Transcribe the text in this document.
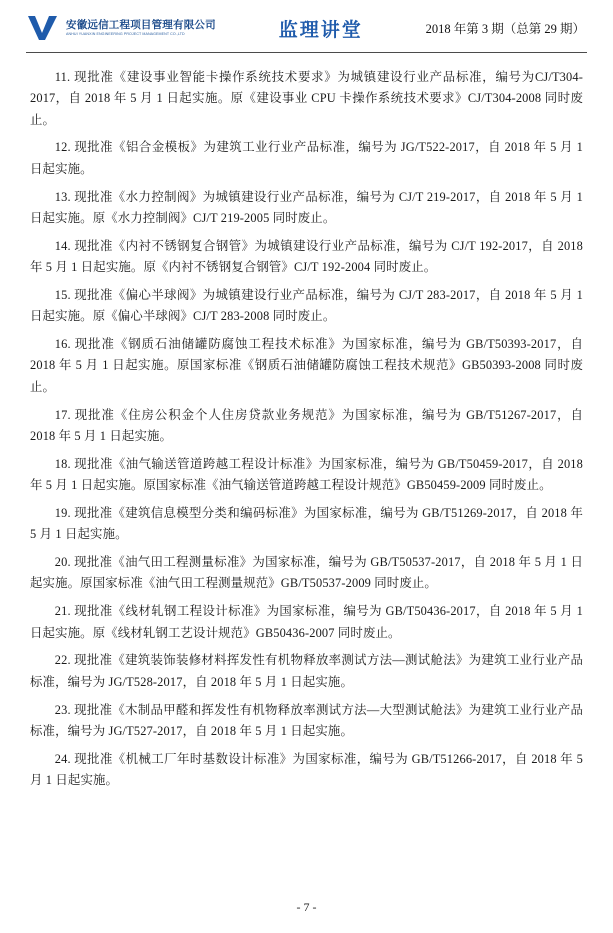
安徽远信工程项目管理有限公司
ANHUI YUANXIN ENGINEERING PROJECT MANAGEMENT CO.,LTD	监理讲堂	2018 年第 3 期（总第 29 期）

11. 现批准《建设事业智能卡操作系统技术要求》为城镇建设行业产品标准，编号为CJ/T304-2017，自 2018 年 5 月 1 日起实施。原《建设事业 CPU 卡操作系统技术要求》CJ/T304-2008 同时废止。

12. 现批准《铝合金模板》为建筑工业行业产品标准，编号为 JG/T522-2017，自 2018 年 5 月 1 日起实施。

13. 现批准《水力控制阀》为城镇建设行业产品标准，编号为 CJ/T 219-2017，自 2018 年 5 月 1 日起实施。原《水力控制阀》CJ/T 219-2005 同时废止。

14. 现批准《内衬不锈钢复合钢管》为城镇建设行业产品标准，编号为 CJ/T 192-2017，自 2018 年 5 月 1 日起实施。原《内衬不锈钢复合钢管》CJ/T 192-2004 同时废止。

15. 现批准《偏心半球阀》为城镇建设行业产品标准，编号为 CJ/T 283-2017，自 2018 年 5 月 1 日起实施。原《偏心半球阀》CJ/T 283-2008 同时废止。

16. 现批准《钢质石油储罐防腐蚀工程技术标准》为国家标准，编号为 GB/T50393-2017，自 2018 年 5 月 1 日起实施。原国家标准《钢质石油储罐防腐蚀工程技术规范》GB50393-2008 同时废止。

17. 现批准《住房公积金个人住房贷款业务规范》为国家标准，编号为 GB/T51267-2017，自 2018 年 5 月 1 日起实施。

18. 现批准《油气输送管道跨越工程设计标准》为国家标准，编号为 GB/T50459-2017，自 2018 年 5 月 1 日起实施。原国家标准《油气输送管道跨越工程设计规范》GB50459-2009 同时废止。

19. 现批准《建筑信息模型分类和编码标准》为国家标准，编号为 GB/T51269-2017，自 2018 年 5 月 1 日起实施。

20. 现批准《油气田工程测量标准》为国家标准，编号为 GB/T50537-2017，自 2018 年 5 月 1 日起实施。原国家标准《油气田工程测量规范》GB/T50537-2009 同时废止。

21. 现批准《线材轧钢工程设计标准》为国家标准，编号为 GB/T50436-2017，自 2018 年 5 月 1 日起实施。原《线材轧钢工艺设计规范》GB50436-2007 同时废止。

22. 现批准《建筑装饰装修材料挥发性有机物释放率测试方法—测试舱法》为建筑工业行业产品标准，编号为 JG/T528-2017，自 2018 年 5 月 1 日起实施。

23. 现批准《木制品甲醛和挥发性有机物释放率测试方法—大型测试舱法》为建筑工业行业产品标准，编号为 JG/T527-2017，自 2018 年 5 月 1 日起实施。

24. 现批准《机械工厂年时基数设计标准》为国家标准，编号为 GB/T51266-2017，自 2018 年 5 月 1 日起实施。

- 7 -
